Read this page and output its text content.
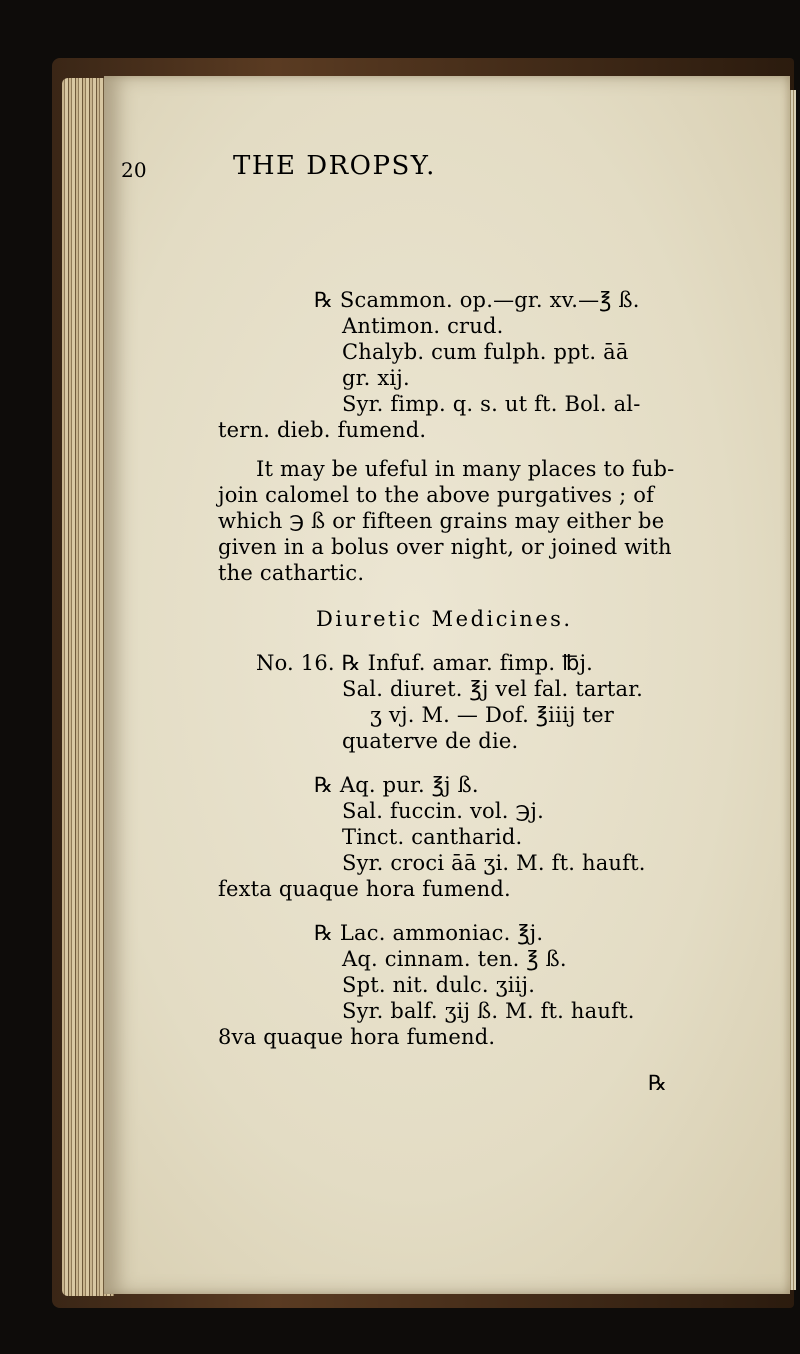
20	THE DROPSY.
℞ Scammon. op.—gr. xv.—℥ ß.
Antimon. crud.
Chalyb. cum fulph. ppt. āā
gr. xij.
Syr. fimp. q. s. ut ft. Bol. al-
tern. dieb. fumend.
It may be ufeful in many places to fub-
join calomel to the above purgatives ; of
which ℈ ß or fifteen grains may either be
given in a bolus over night, or joined with
the cathartic.
Diuretic Medicines.
No. 16. ℞ Infuf. amar. fimp. ℔j.
Sal. diuret. ℥j vel fal. tartar.
ʒ vj. M. — Dof. ℥iiij ter
quaterve de die.
℞ Aq. pur. ℥j ß.
Sal. fuccin. vol. ℈j.
Tinct. cantharid.
Syr. croci āā ʒi. M. ft. hauft.
fexta quaque hora fumend.
℞ Lac. ammoniac. ℥j.
Aq. cinnam. ten. ℥ ß.
Spt. nit. dulc. ʒiij.
Syr. balf. ʒij ß. M. ft. hauft.
8va quaque hora fumend.
℞
